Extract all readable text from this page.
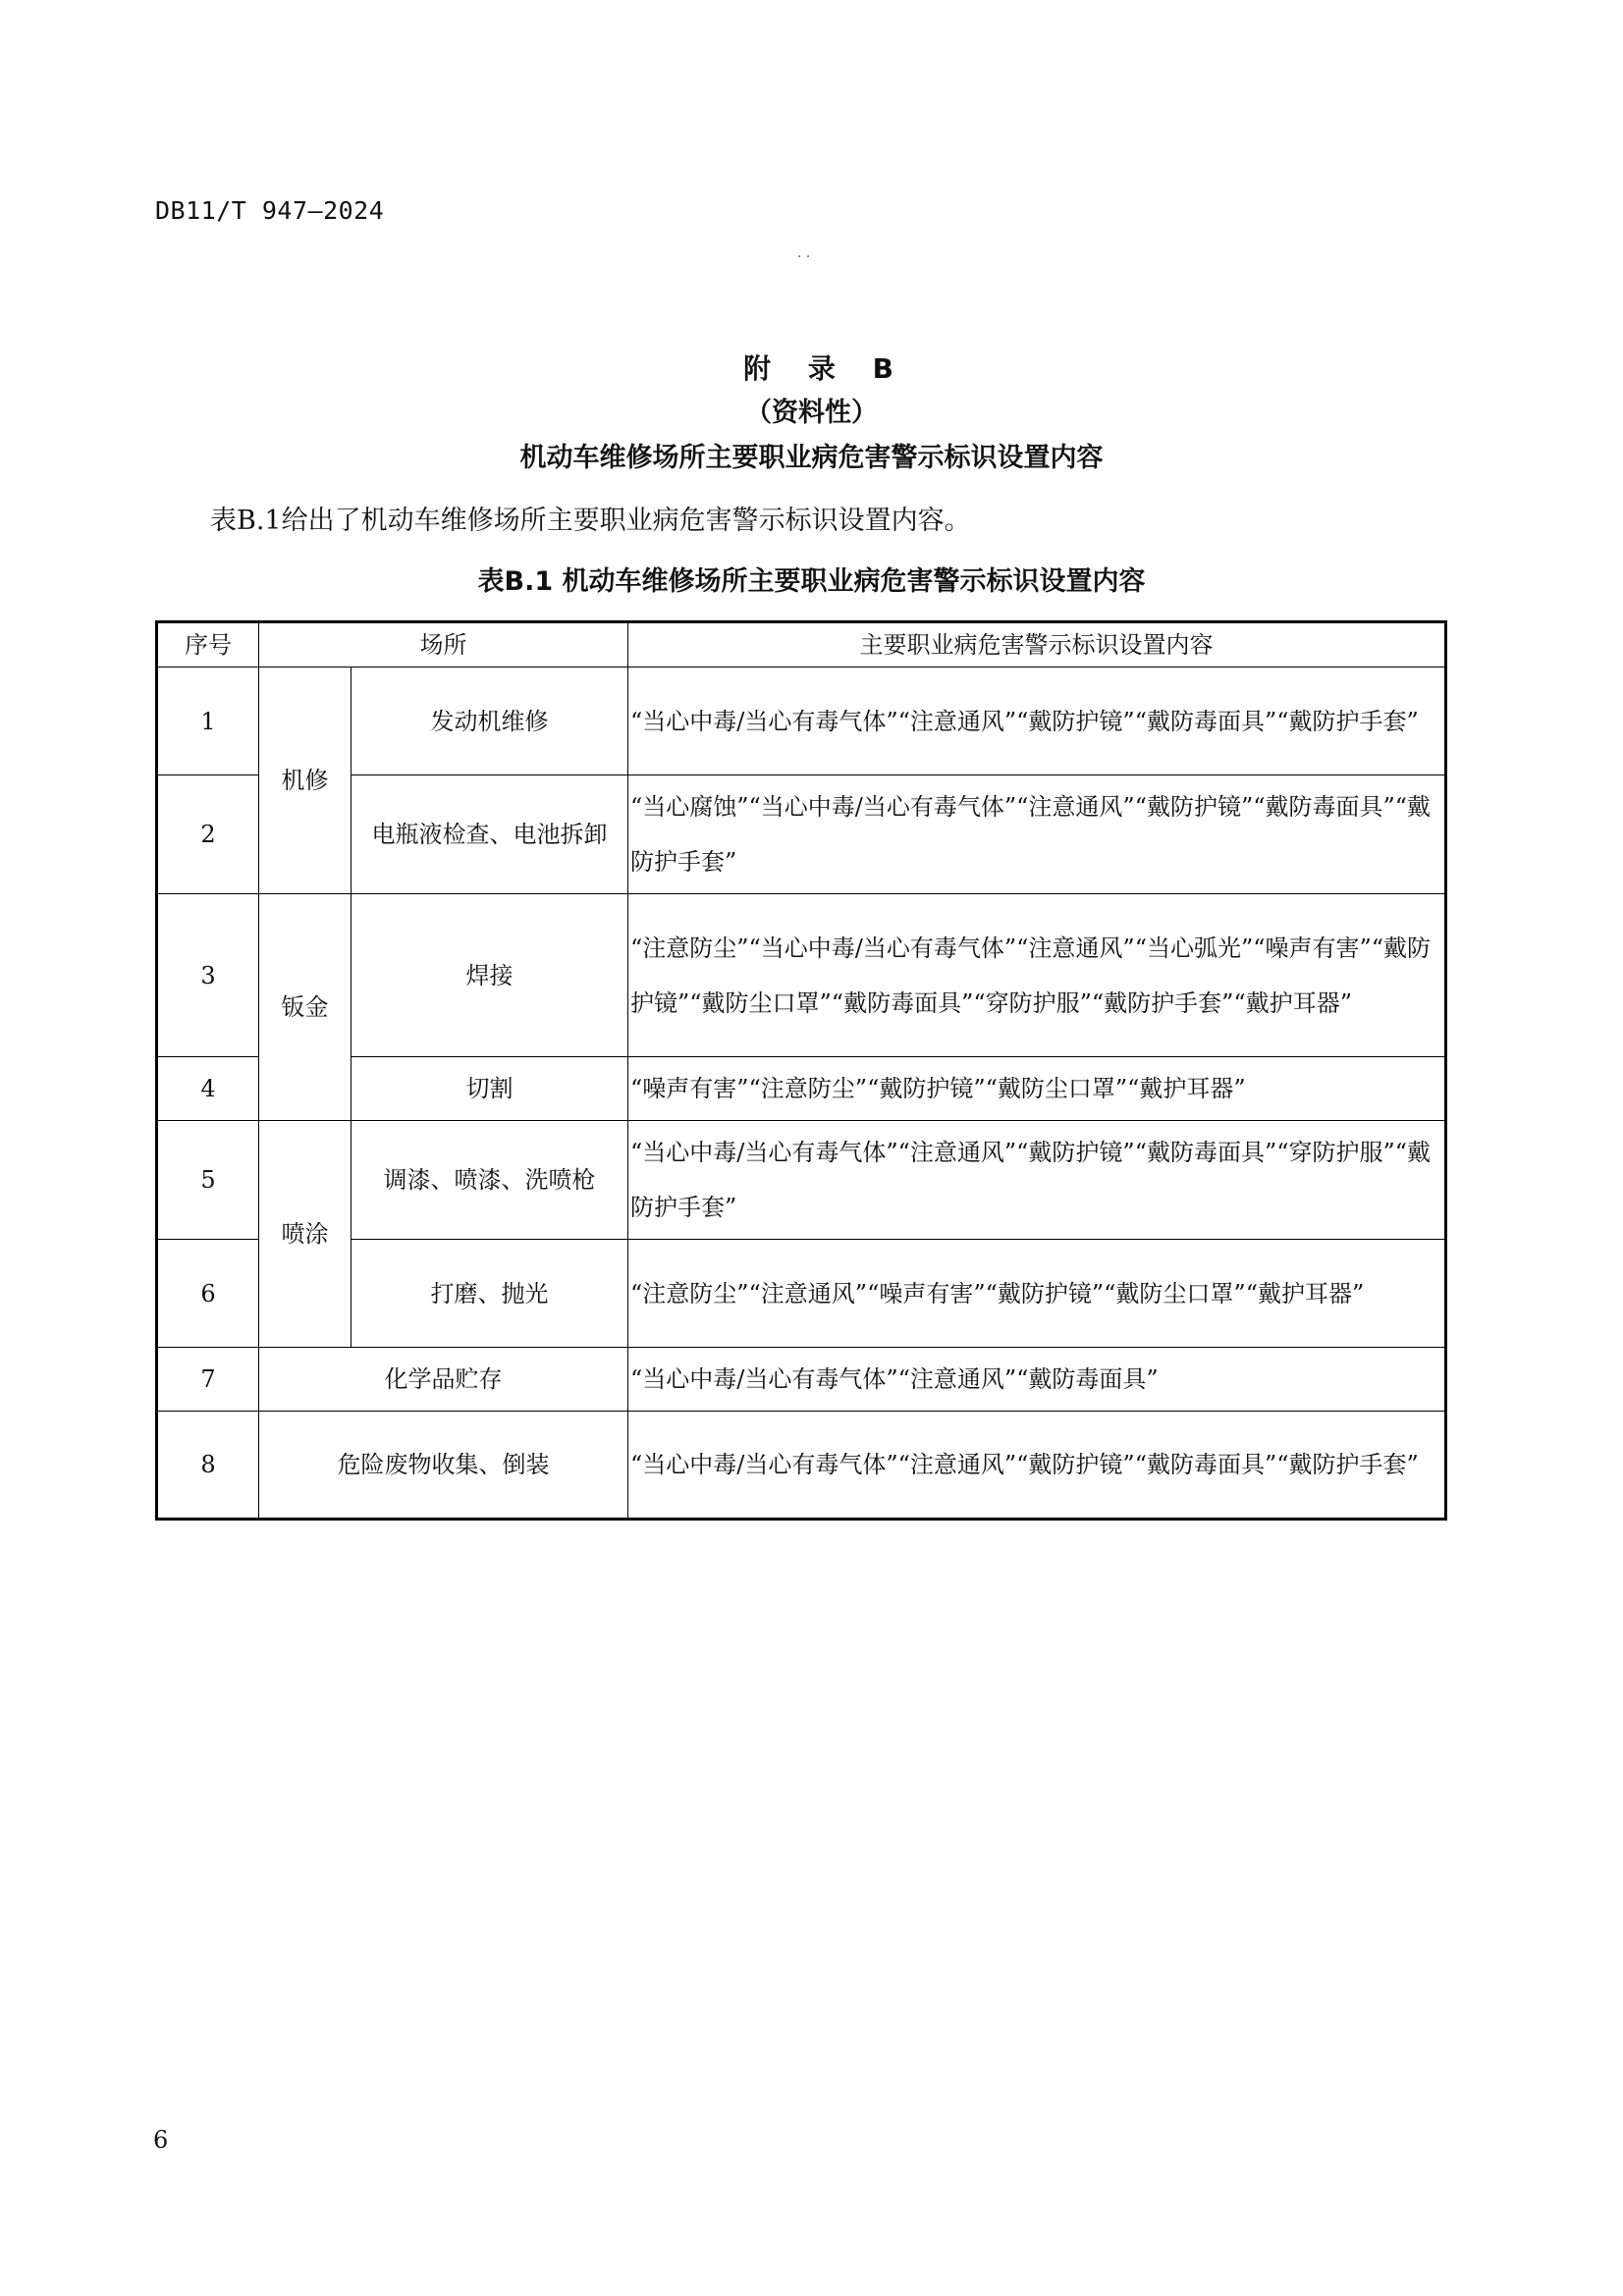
DB11/T 947—2024
· ·
附 录 B
（资料性）
机动车维修场所主要职业病危害警示标识设置内容
表B.1给出了机动车维修场所主要职业病危害警示标识设置内容。
表B.1 机动车维修场所主要职业病危害警示标识设置内容
序号	场所		主要职业病危害警示标识设置内容
1	机修	发动机维修	“当心中毒/当心有毒气体”“注意通风”“戴防护镜”“戴防毒面具”“戴防护手套”
2		电瓶液检查、电池拆卸	“当心腐蚀”“当心中毒/当心有毒气体”“注意通风”“戴防护镜”“戴防毒面具”“戴防护手套”
3	钣金	焊接	“注意防尘”“当心中毒/当心有毒气体”“注意通风”“当心弧光”“噪声有害”“戴防护镜”“戴防尘口罩”“戴防毒面具”“穿防护服”“戴防护手套”“戴护耳器”
4		切割	“噪声有害”“注意防尘”“戴防护镜”“戴防尘口罩”“戴护耳器”
5	喷涂	调漆、喷漆、洗喷枪	“当心中毒/当心有毒气体”“注意通风”“戴防护镜”“戴防毒面具”“穿防护服”“戴防护手套”
6		打磨、抛光	“注意防尘”“注意通风”“噪声有害”“戴防护镜”“戴防尘口罩”“戴护耳器”
7	化学品贮存		“当心中毒/当心有毒气体”“注意通风”“戴防毒面具”
8	危险废物收集、倒装		“当心中毒/当心有毒气体”“注意通风”“戴防护镜”“戴防毒面具”“戴防护手套”
6
